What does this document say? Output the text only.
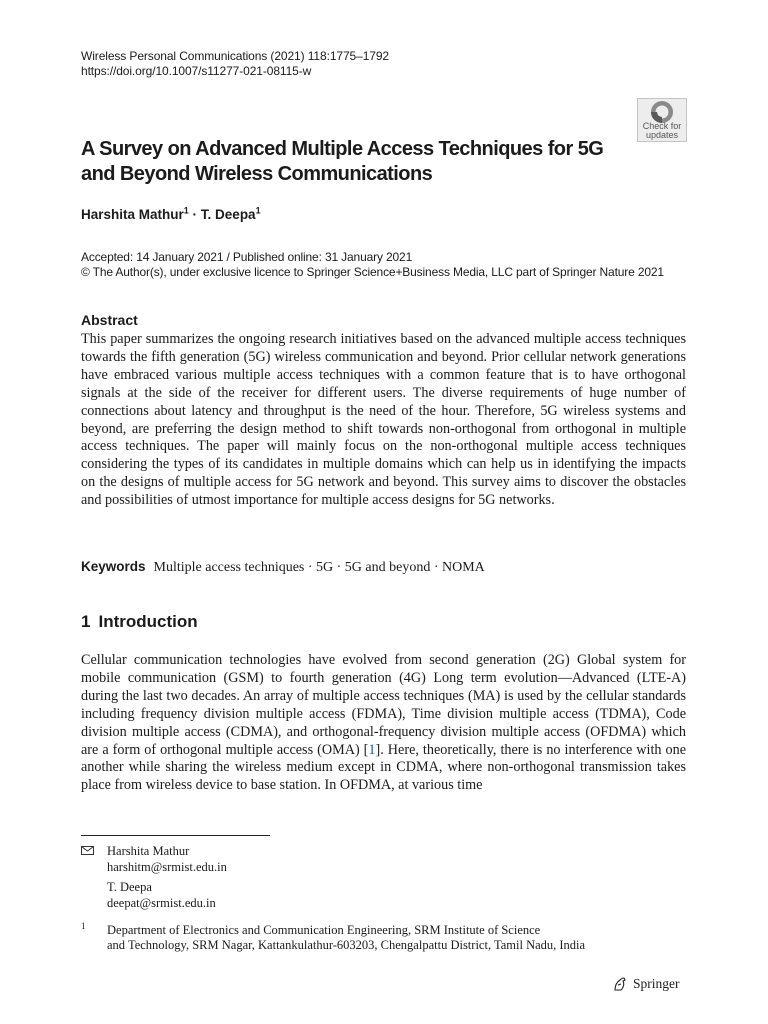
Wireless Personal Communications (2021) 118:1775–1792
https://doi.org/10.1007/s11277-021-08115-w
Check for
updates
A Survey on Advanced Multiple Access Techniques for 5G and Beyond Wireless Communications
Harshita Mathur$^1$ · T. Deepa$^1$
Accepted: 14 January 2021 / Published online: 31 January 2021
© The Author(s), under exclusive licence to Springer Science+Business Media, LLC part of Springer Nature 2021
Abstract
This paper summarizes the ongoing research initiatives based on the advanced multiple access techniques towards the fifth generation (5G) wireless communication and beyond. Prior cellular network generations have embraced various multiple access techniques with a common feature that is to have orthogonal signals at the side of the receiver for different users. The diverse requirements of huge number of connections about latency and throughput is the need of the hour. Therefore, 5G wireless systems and beyond, are preferring the design method to shift towards non-orthogonal from orthogonal in multiple access techniques. The paper will mainly focus on the non-orthogonal multiple access techniques considering the types of its candidates in multiple domains which can help us in identifying the impacts on the designs of multiple access for 5G network and beyond. This survey aims to discover the obstacles and possibilities of utmost importance for multiple access designs for 5G networks.
Keywords Multiple access techniques · 5G · 5G and beyond · NOMA
1 Introduction
Cellular communication technologies have evolved from second generation (2G) Global system for mobile communication (GSM) to fourth generation (4G) Long term evolution—Advanced (LTE-A) during the last two decades. An array of multiple access techniques (MA) is used by the cellular standards including frequency division multiple access (FDMA), Time division multiple access (TDMA), Code division multiple access (CDMA), and orthogonal-frequency division multiple access (OFDMA) which are a form of orthogonal multiple access (OMA) [1]. Here, theoretically, there is no interference with one another while sharing the wireless medium except in CDMA, where non-orthogonal transmission takes place from wireless device to base station. In OFDMA, at various time
Harshita Mathur
harshitm@srmist.edu.in
T. Deepa
deepat@srmist.edu.in
1 Department of Electronics and Communication Engineering, SRM Institute of Science
and Technology, SRM Nagar, Kattankulathur-603203, Chengalpattu District, Tamil Nadu, India
Springer
